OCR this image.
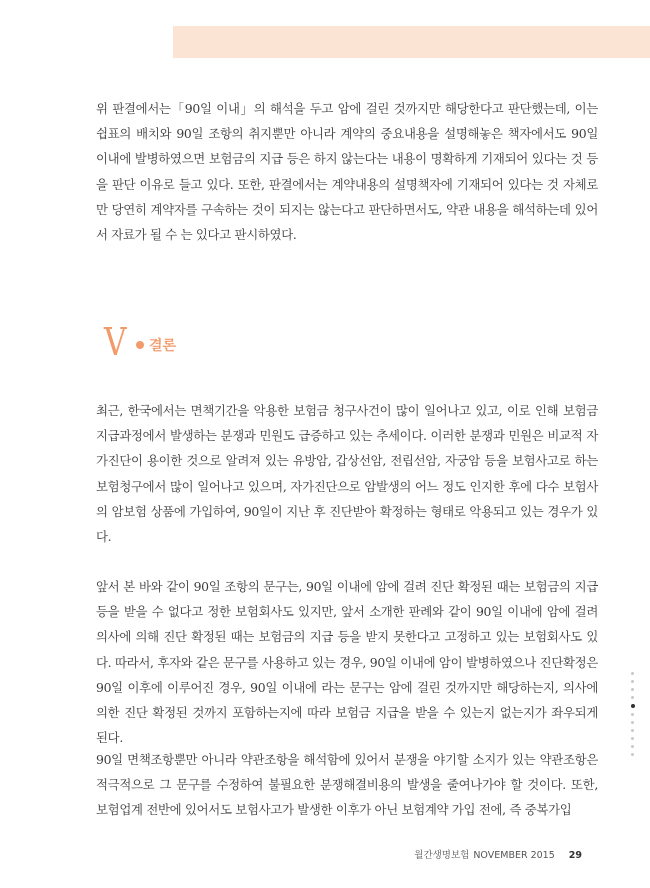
위 판결에서는「90일 이내」의 해석을 두고 암에 걸린 것까지만 해당한다고 판단했는데, 이는 쉽표의 배치와 90일 조항의 취지뿐만 아니라 계약의 중요내용을 설명해놓은 책자에서도 90일 이내에 발병하였으면 보험금의 지급 등은 하지 않는다는 내용이 명확하게 기재되어 있다는 것 등을 판단 이유로 들고 있다. 또한, 판결에서는 계약내용의 설명책자에 기재되어 있다는 것 자체로만 당연히 계약자를 구속하는 것이 되지는 않는다고 판단하면서도, 약관 내용을 해석하는데 있어서 자료가 될 수 는 있다고 판시하였다.

V 결론

최근, 한국에서는 면책기간을 악용한 보험금 청구사건이 많이 일어나고 있고, 이로 인해 보험금 지급과정에서 발생하는 분쟁과 민원도 급증하고 있는 추세이다. 이러한 분쟁과 민원은 비교적 자가진단이 용이한 것으로 알려져 있는 유방암, 갑상선암, 전립선암, 자궁암 등을 보험사고로 하는 보험청구에서 많이 일어나고 있으며, 자가진단으로 암발생의 어느 정도 인지한 후에 다수 보험사의 암보험 상품에 가입하여, 90일이 지난 후 진단받아 확정하는 형태로 악용되고 있는 경우가 있다.

앞서 본 바와 같이 90일 조항의 문구는, 90일 이내에 암에 걸려 진단 확정된 때는 보험금의 지급 등을 받을 수 없다고 정한 보험회사도 있지만, 앞서 소개한 판례와 같이 90일 이내에 암에 걸려 의사에 의해 진단 확정된 때는 보험금의 지급 등을 받지 못한다고 고정하고 있는 보험회사도 있다. 따라서, 후자와 같은 문구를 사용하고 있는 경우, 90일 이내에 암이 발병하였으나 진단확정은 90일 이후에 이루어진 경우, 90일 이내에 라는 문구는 암에 걸린 것까지만 해당하는지, 의사에 의한 진단 확정된 것까지 포함하는지에 따라 보험금 지급을 받을 수 있는지 없는지가 좌우되게 된다.

90일 면책조항뿐만 아니라 약관조항을 해석함에 있어서 분쟁을 야기할 소지가 있는 약관조항은 적극적으로 그 문구를 수정하여 불필요한 분쟁해결비용의 발생을 줄여나가야 할 것이다. 또한, 보험업계 전반에 있어서도 보험사고가 발생한 이후가 아닌 보험계약 가입 전에, 즉 중복가입

월간생명보험 NOVEMBER 2015 29
